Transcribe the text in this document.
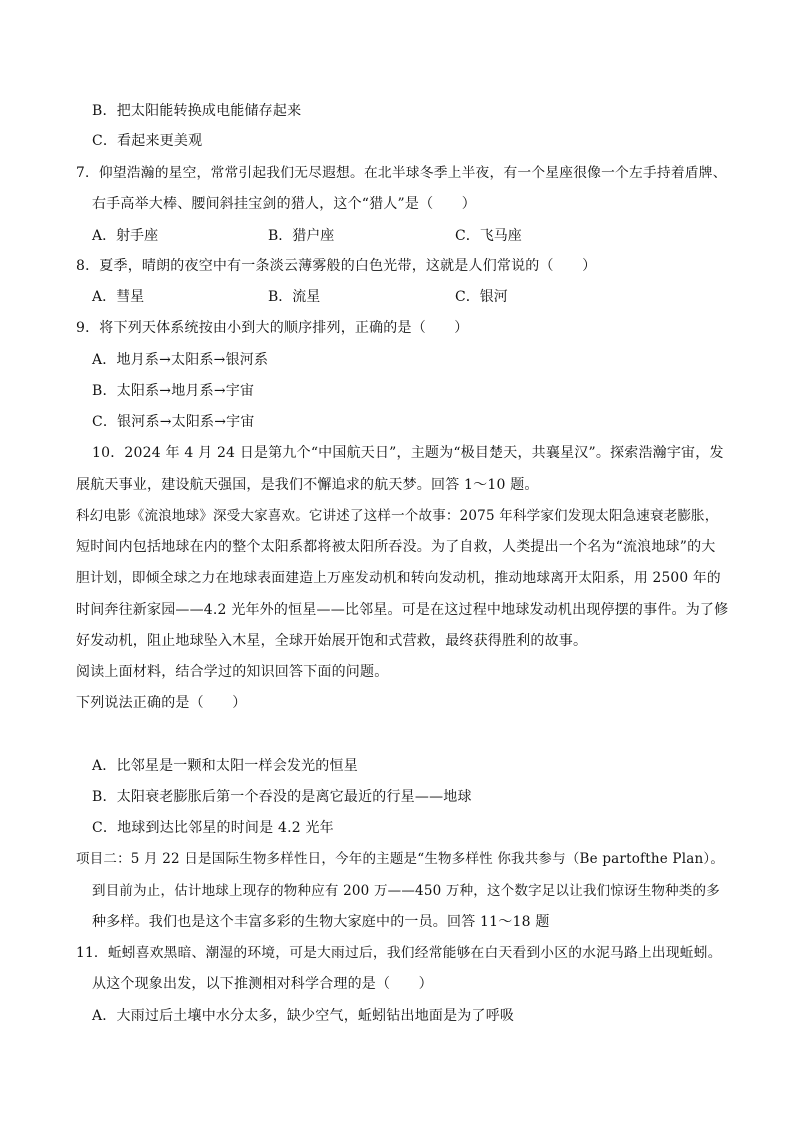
B．把太阳能转换成电能储存起来
C．看起来更美观
7．仰望浩瀚的星空，常常引起我们无尽遐想。在北半球冬季上半夜，有一个星座很像一个左手持着盾牌、
右手高举大棒、腰间斜挂宝剑的猎人，这个“猎人”是（　　）
A．射手座	B．猎户座	C．飞马座
8．夏季，晴朗的夜空中有一条淡云薄雾般的白色光带，这就是人们常说的（　　）
A．彗星	B．流星	C．银河
9．将下列天体系统按由小到大的顺序排列，正确的是（　　）
A．地月系→太阳系→银河系
B．太阳系→地月系→宇宙
C．银河系→太阳系→宇宙
10．2024 年 4 月 24 日是第九个“中国航天日”，主题为“极目楚天，共襄星汉”。探索浩瀚宇宙，发
展航天事业，建设航天强国，是我们不懈追求的航天梦。回答 1～10 题。
科幻电影《流浪地球》深受大家喜欢。它讲述了这样一个故事：2075 年科学家们发现太阳急速衰老膨胀，
短时间内包括地球在内的整个太阳系都将被太阳所吞没。为了自救，人类提出一个名为“流浪地球”的大
胆计划，即倾全球之力在地球表面建造上万座发动机和转向发动机，推动地球离开太阳系，用 2500 年的
时间奔往新家园——4.2 光年外的恒星——比邻星。可是在这过程中地球发动机出现停摆的事件。为了修
好发动机，阻止地球坠入木星，全球开始展开饱和式营救，最终获得胜利的故事。
阅读上面材料，结合学过的知识回答下面的问题。
下列说法正确的是（　　）
A．比邻星是一颗和太阳一样会发光的恒星
B．太阳衰老膨胀后第一个吞没的是离它最近的行星——地球
C．地球到达比邻星的时间是 4.2 光年
项目二：5 月 22 日是国际生物多样性日，今年的主题是“生物多样性 你我共参与（Be partofthe Plan）。
到目前为止，估计地球上现存的物种应有 200 万——450 万种，这个数字足以让我们惊讶生物种类的多
种多样。我们也是这个丰富多彩的生物大家庭中的一员。回答 11～18 题
11．蚯蚓喜欢黑暗、潮湿的环境，可是大雨过后，我们经常能够在白天看到小区的水泥马路上出现蚯蚓。
从这个现象出发，以下推测相对科学合理的是（　　）
A．大雨过后土壤中水分太多，缺少空气，蚯蚓钻出地面是为了呼吸
